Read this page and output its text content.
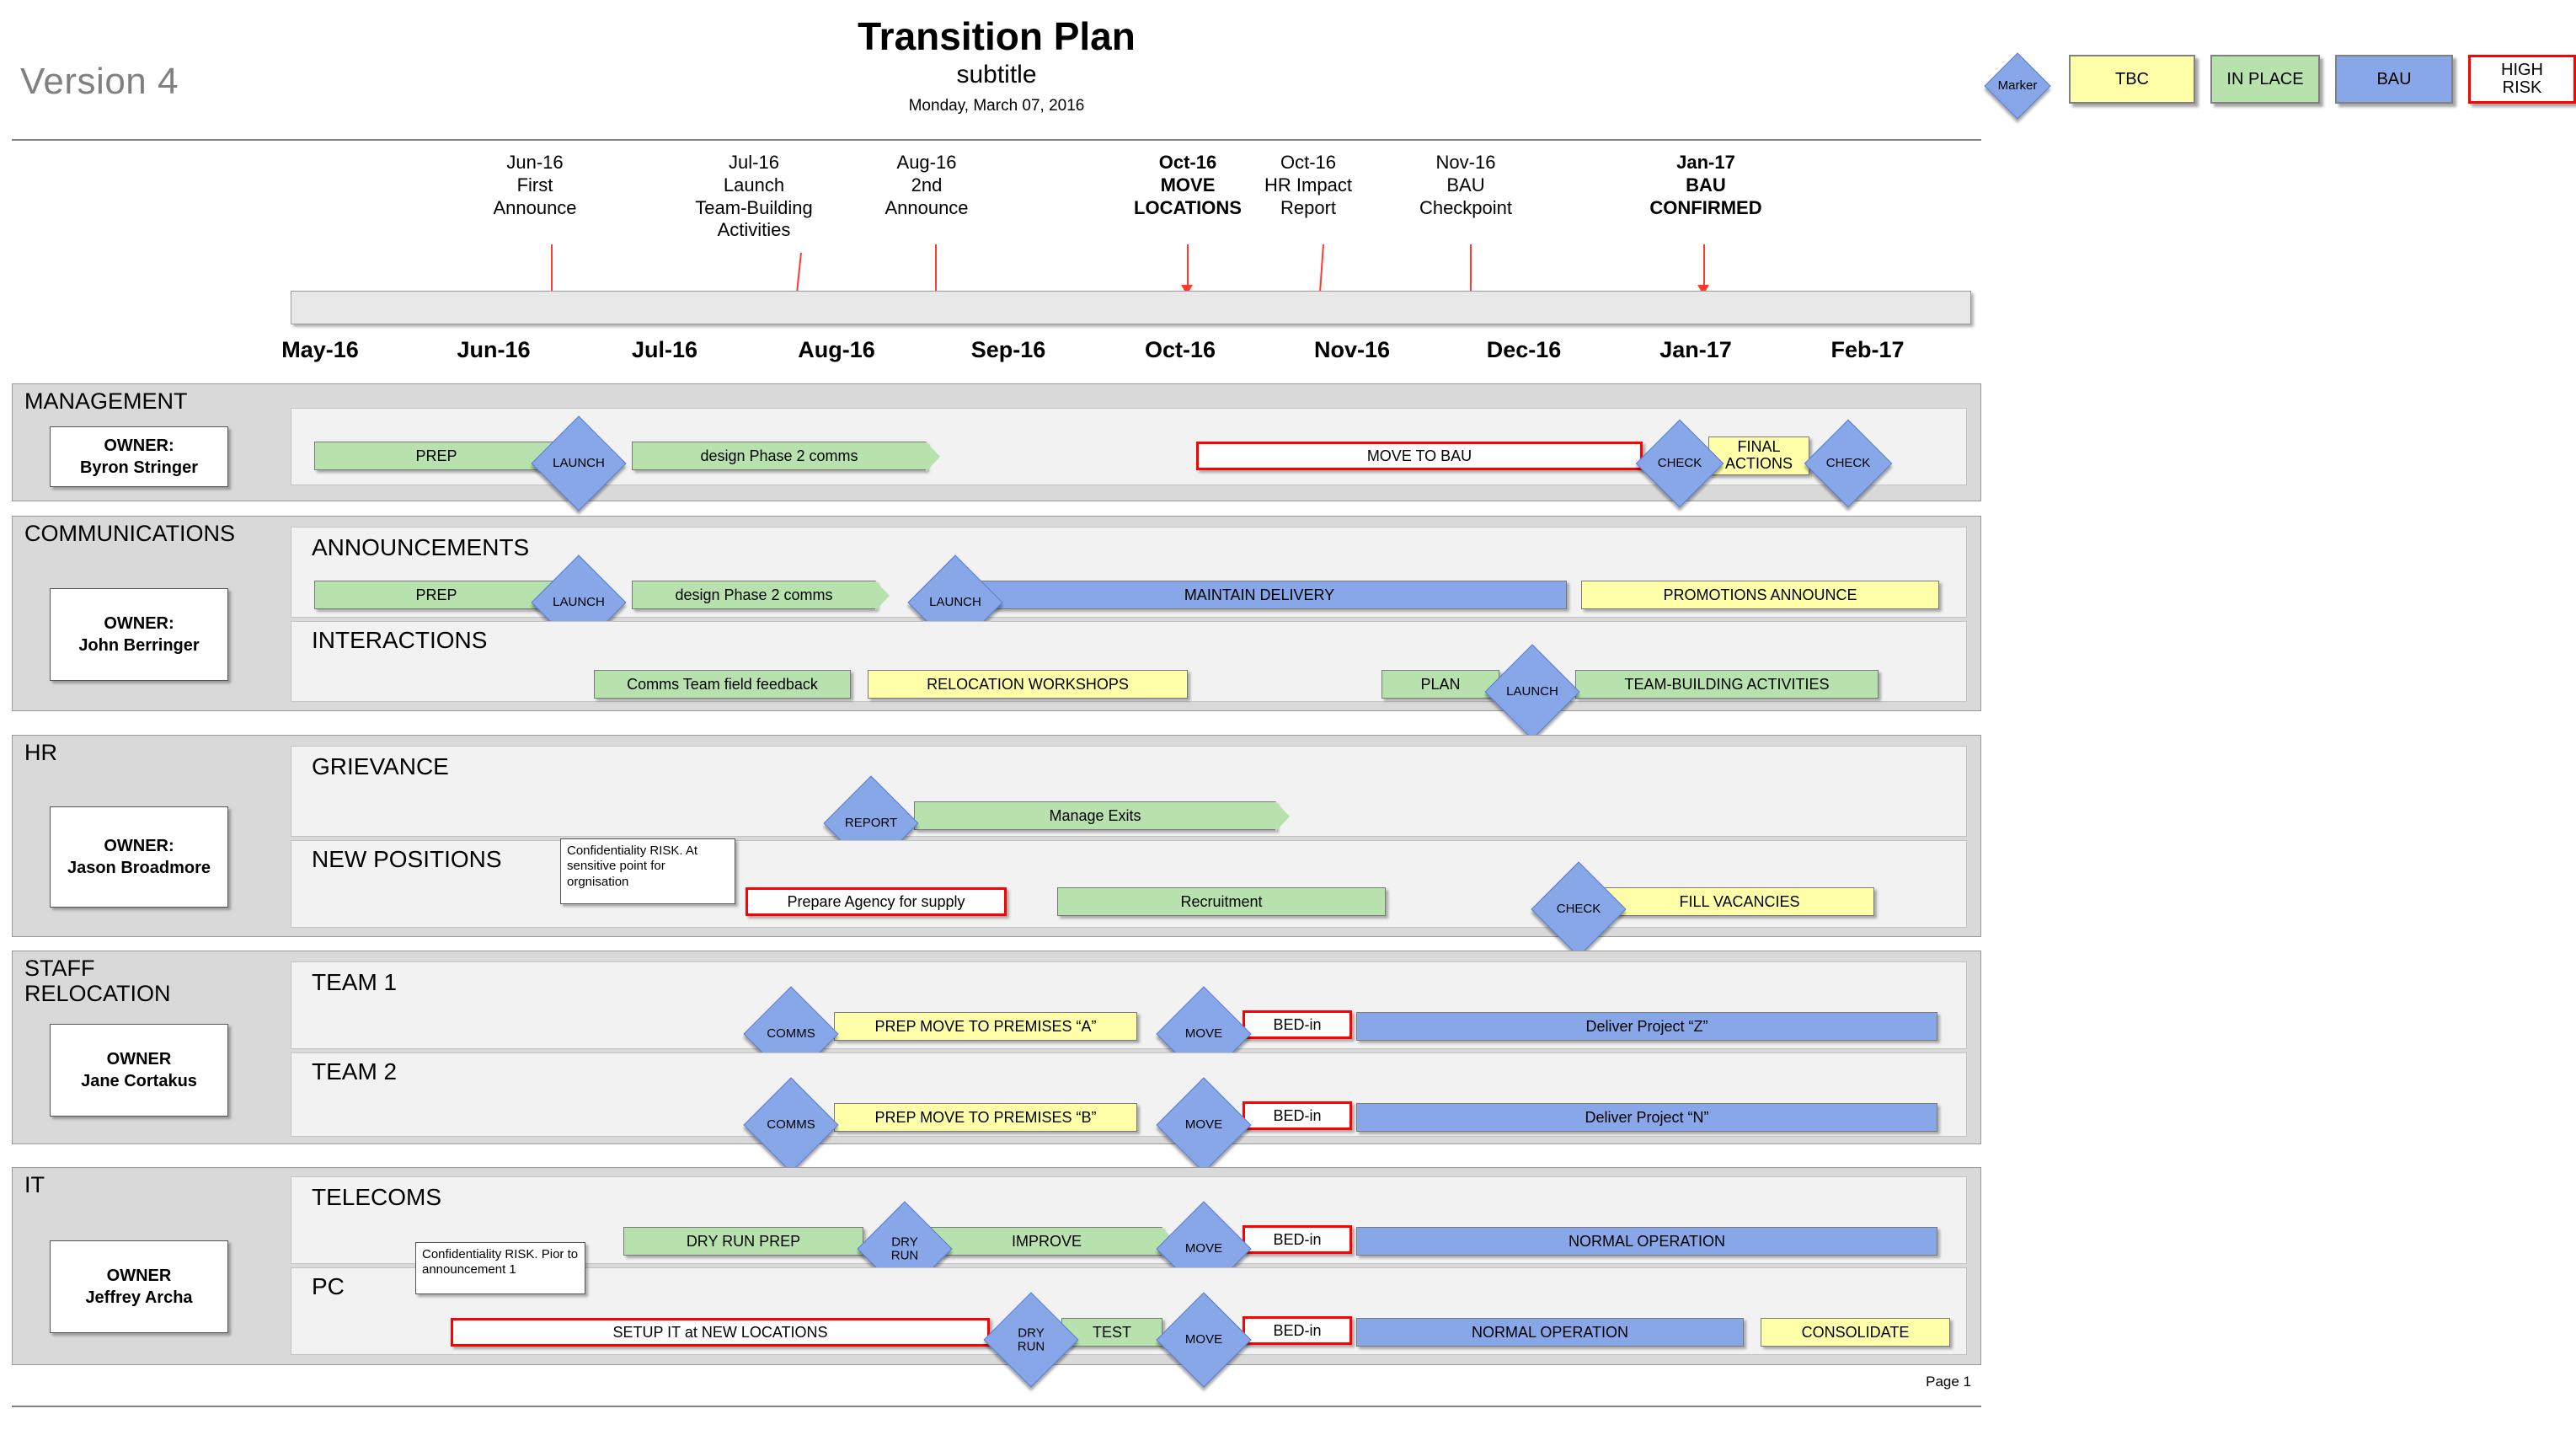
Version 4
Transition Plan
subtitle
Monday, March 07, 2016
Marker	TBC	IN PLACE	BAU	HIGH
RISK
Jun-16
First
Announce
Jul-16
Launch
Team-Building
Activities
Aug-16
2nd
Announce
Oct-16
MOVE
LOCATIONS
Oct-16
HR Impact
Report
Nov-16
BAU
Checkpoint
Jan-17
BAU
CONFIRMED
May-16	Jun-16	Jul-16	Aug-16	Sep-16	Oct-16	Nov-16	Dec-16	Jan-17	Feb-17
MANAGEMENT
OWNER:
Byron Stringer
PREP	design Phase 2 comms	MOVE TO BAU
FINAL
ACTIONS
LAUNCH	CHECK	CHECK
COMMUNICATIONS
OWNER:
John Berringer
ANNOUNCEMENTS
PREP	design Phase 2 comms	MAINTAIN DELIVERY	PROMOTIONS ANNOUNCE
LAUNCH	LAUNCH
INTERACTIONS
Comms Team field feedback	RELOCATION WORKSHOPS	PLAN	TEAM-BUILDING ACTIVITIES
LAUNCH
HR
OWNER:
Jason Broadmore
GRIEVANCE
Manage Exits
REPORT
NEW POSITIONS	Confidentiality RISK. At sensitive point for orgnisation
Prepare Agency for supply	Recruitment	FILL VACANCIES
CHECK
STAFF
RELOCATION
OWNER
Jane Cortakus
TEAM 1
PREP MOVE TO PREMISES “A”	BED-in	Deliver Project “Z”
COMMS	MOVE
TEAM 2
PREP MOVE TO PREMISES “B”	BED-in	Deliver Project “N”
COMMS	MOVE
IT
OWNER
Jeffrey Archa
TELECOMS
DRY RUN PREP	IMPROVE	BED-in	NORMAL OPERATION
DRY
RUN	MOVE
PC
Confidentiality RISK. Pior to announcement 1
SETUP IT at NEW LOCATIONS	TEST	BED-in	NORMAL OPERATION	CONSOLIDATE
DRY
RUN	MOVE
Page 1
